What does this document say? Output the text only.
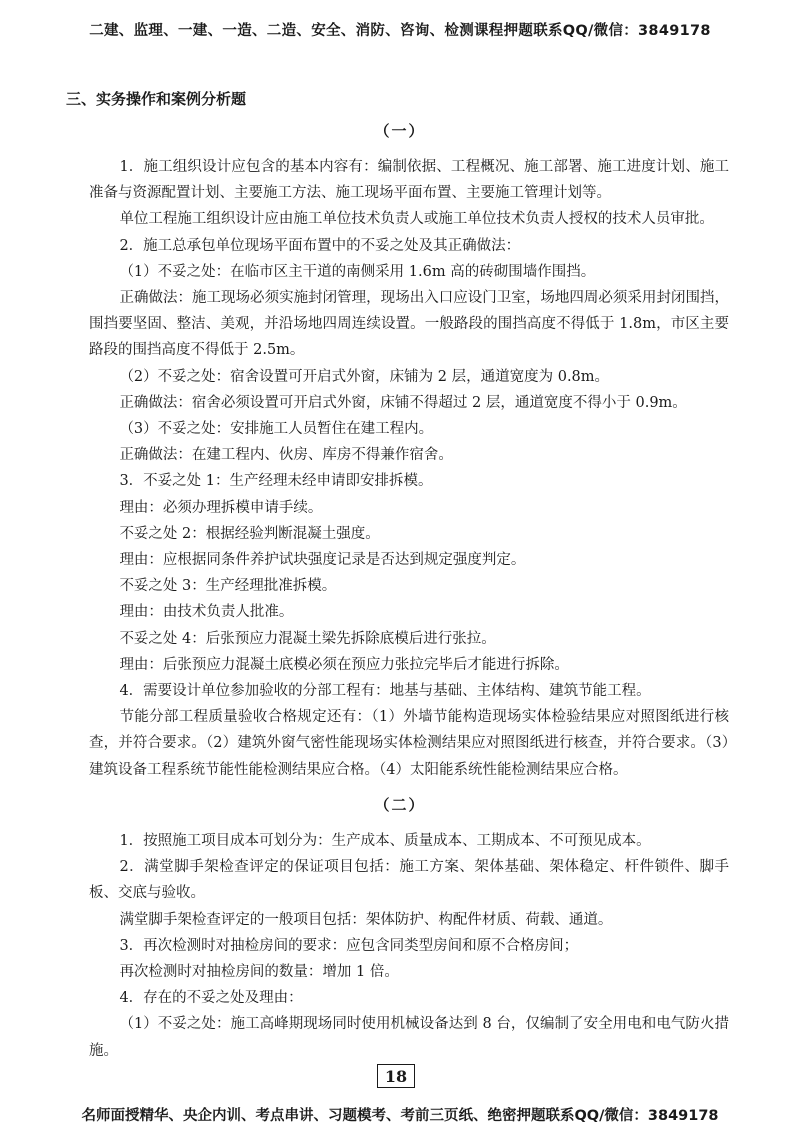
二建、监理、一建、一造、二造、安全、消防、咨询、检测课程押题联系QQ/微信：3849178
三、实务操作和案例分析题
（一）

1．施工组织设计应包含的基本内容有：编制依据、工程概况、施工部署、施工进度计划、施工准备与资源配置计划、主要施工方法、施工现场平面布置、主要施工管理计划等。

单位工程施工组织设计应由施工单位技术负责人或施工单位技术负责人授权的技术人员审批。

2．施工总承包单位现场平面布置中的不妥之处及其正确做法：

（1）不妥之处：在临市区主干道的南侧采用 1.6m 高的砖砌围墙作围挡。

正确做法：施工现场必须实施封闭管理，现场出入口应设门卫室，场地四周必须采用封闭围挡，围挡要坚固、整洁、美观，并沿场地四周连续设置。一般路段的围挡高度不得低于 1.8m，市区主要路段的围挡高度不得低于 2.5m。

（2）不妥之处：宿舍设置可开启式外窗，床铺为 2 层，通道宽度为 0.8m。

正确做法：宿舍必须设置可开启式外窗，床铺不得超过 2 层，通道宽度不得小于 0.9m。

（3）不妥之处：安排施工人员暂住在建工程内。

正确做法：在建工程内、伙房、库房不得兼作宿舍。

3．不妥之处 1：生产经理未经申请即安排拆模。

理由：必须办理拆模申请手续。

不妥之处 2：根据经验判断混凝土强度。

理由：应根据同条件养护试块强度记录是否达到规定强度判定。

不妥之处 3：生产经理批准拆模。

理由：由技术负责人批准。

不妥之处 4：后张预应力混凝土梁先拆除底模后进行张拉。

理由：后张预应力混凝土底模必须在预应力张拉完毕后才能进行拆除。

4．需要设计单位参加验收的分部工程有：地基与基础、主体结构、建筑节能工程。

节能分部工程质量验收合格规定还有：（1）外墙节能构造现场实体检验结果应对照图纸进行核查，并符合要求。（2）建筑外窗气密性能现场实体检测结果应对照图纸进行核查，并符合要求。（3）建筑设备工程系统节能性能检测结果应合格。（4）太阳能系统性能检测结果应合格。

（二）

1．按照施工项目成本可划分为：生产成本、质量成本、工期成本、不可预见成本。

2．满堂脚手架检查评定的保证项目包括：施工方案、架体基础、架体稳定、杆件锁件、脚手板、交底与验收。

满堂脚手架检查评定的一般项目包括：架体防护、构配件材质、荷载、通道。

3．再次检测时对抽检房间的要求：应包含同类型房间和原不合格房间；

再次检测时对抽检房间的数量：增加 1 倍。

4．存在的不妥之处及理由：

（1）不妥之处：施工高峰期现场同时使用机械设备达到 8 台，仅编制了安全用电和电气防火措施。

18
名师面授精华、央企内训、考点串讲、习题模考、考前三页纸、绝密押题联系QQ/微信：3849178
